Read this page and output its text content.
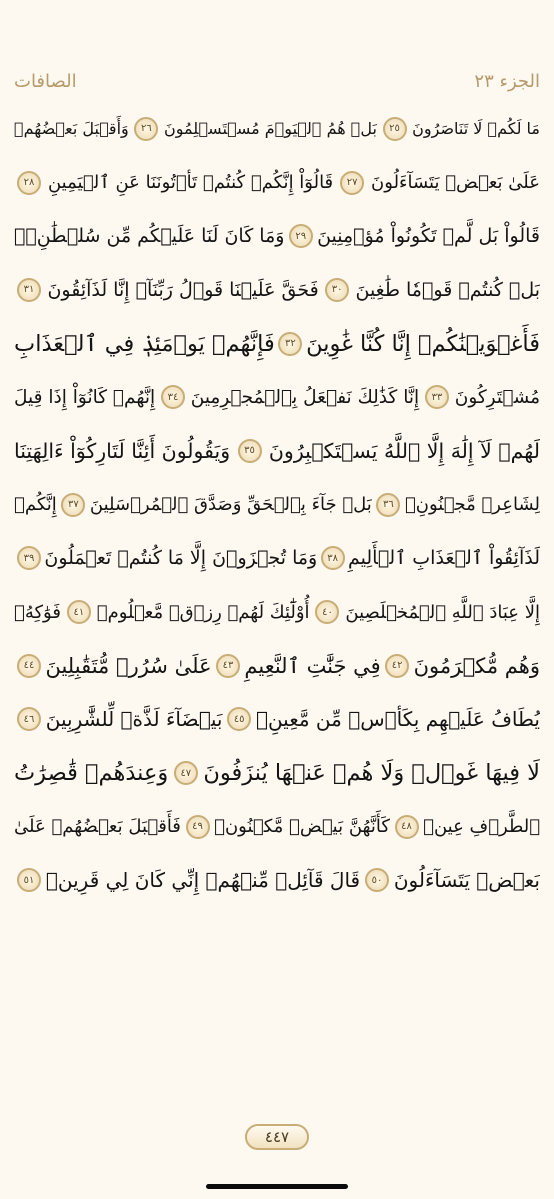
الصافات	الجزء ٢٣
مَا لَكُمۡ لَا تَنَاصَرُونَ
٢٥
بَلۡ هُمُ ٱلۡيَوۡمَ مُسۡتَسۡلِمُونَ
٢٦
وَأَقۡبَلَ بَعۡضُهُمۡ
عَلَىٰ بَعۡضٖ يَتَسَآءَلُونَ
٢٧
قَالُوٓاْ إِنَّكُمۡ كُنتُمۡ تَأۡتُونَنَا عَنِ ٱلۡيَمِينِ
٢٨
قَالُواْ بَل لَّمۡ تَكُونُواْ مُؤۡمِنِينَ
٢٩
وَمَا كَانَ لَنَا عَلَيۡكُم مِّن سُلۡطَٰنِۭۖ
بَلۡ كُنتُمۡ قَوۡمٗا طَٰغِينَ
٣٠
فَحَقَّ عَلَيۡنَا قَوۡلُ رَبِّنَآۖ إِنَّا لَذَآئِقُونَ
٣١
فَأَغۡوَيۡنَٰكُمۡ إِنَّا كُنَّا غَٰوِينَ
٣٢
فَإِنَّهُمۡ يَوۡمَئِذٖ فِي ٱلۡعَذَابِ
مُشۡتَرِكُونَ
٣٣
إِنَّا كَذَٰلِكَ نَفۡعَلُ بِٱلۡمُجۡرِمِينَ
٣٤
إِنَّهُمۡ كَانُوٓاْ إِذَا قِيلَ
لَهُمۡ لَآ إِلَٰهَ إِلَّا ٱللَّهُ يَسۡتَكۡبِرُونَ
٣٥
وَيَقُولُونَ أَئِنَّا لَتَارِكُوٓاْ ءَالِهَتِنَا
لِشَاعِرٖ مَّجۡنُونِۭ
٣٦
بَلۡ جَآءَ بِٱلۡحَقِّ وَصَدَّقَ ٱلۡمُرۡسَلِينَ
٣٧
إِنَّكُمۡ
لَذَآئِقُواْ ٱلۡعَذَابِ ٱلۡأَلِيمِ
٣٨
وَمَا تُجۡزَوۡنَ إِلَّا مَا كُنتُمۡ تَعۡمَلُونَ
٣٩
إِلَّا عِبَادَ ٱللَّهِ ٱلۡمُخۡلَصِينَ
٤٠
أُوْلَٰٓئِكَ لَهُمۡ رِزۡقٞ مَّعۡلُومٞ
٤١
فَوَٰكِهُۖ
وَهُم مُّكۡرَمُونَ
٤٢
فِي جَنَّٰتِ ٱلنَّعِيمِ
٤٣
عَلَىٰ سُرُرٖ مُّتَقَٰبِلِينَ
٤٤
يُطَافُ عَلَيۡهِم بِكَأۡسٖ مِّن مَّعِينِۭ
٤٥
بَيۡضَآءَ لَذَّةٖ لِّلشَّٰرِبِينَ
٤٦
لَا فِيهَا غَوۡلٞ وَلَا هُمۡ عَنۡهَا يُنزَفُونَ
٤٧
وَعِندَهُمۡ قَٰصِرَٰتُ
ٱلطَّرۡفِ عِينٞ
٤٨
كَأَنَّهُنَّ بَيۡضٞ مَّكۡنُونٞ
٤٩
فَأَقۡبَلَ بَعۡضُهُمۡ عَلَىٰ
بَعۡضٖ يَتَسَآءَلُونَ
٥٠
قَالَ قَآئِلٞ مِّنۡهُمۡ إِنِّي كَانَ لِي قَرِينٞ
٥١
٤٤٧
